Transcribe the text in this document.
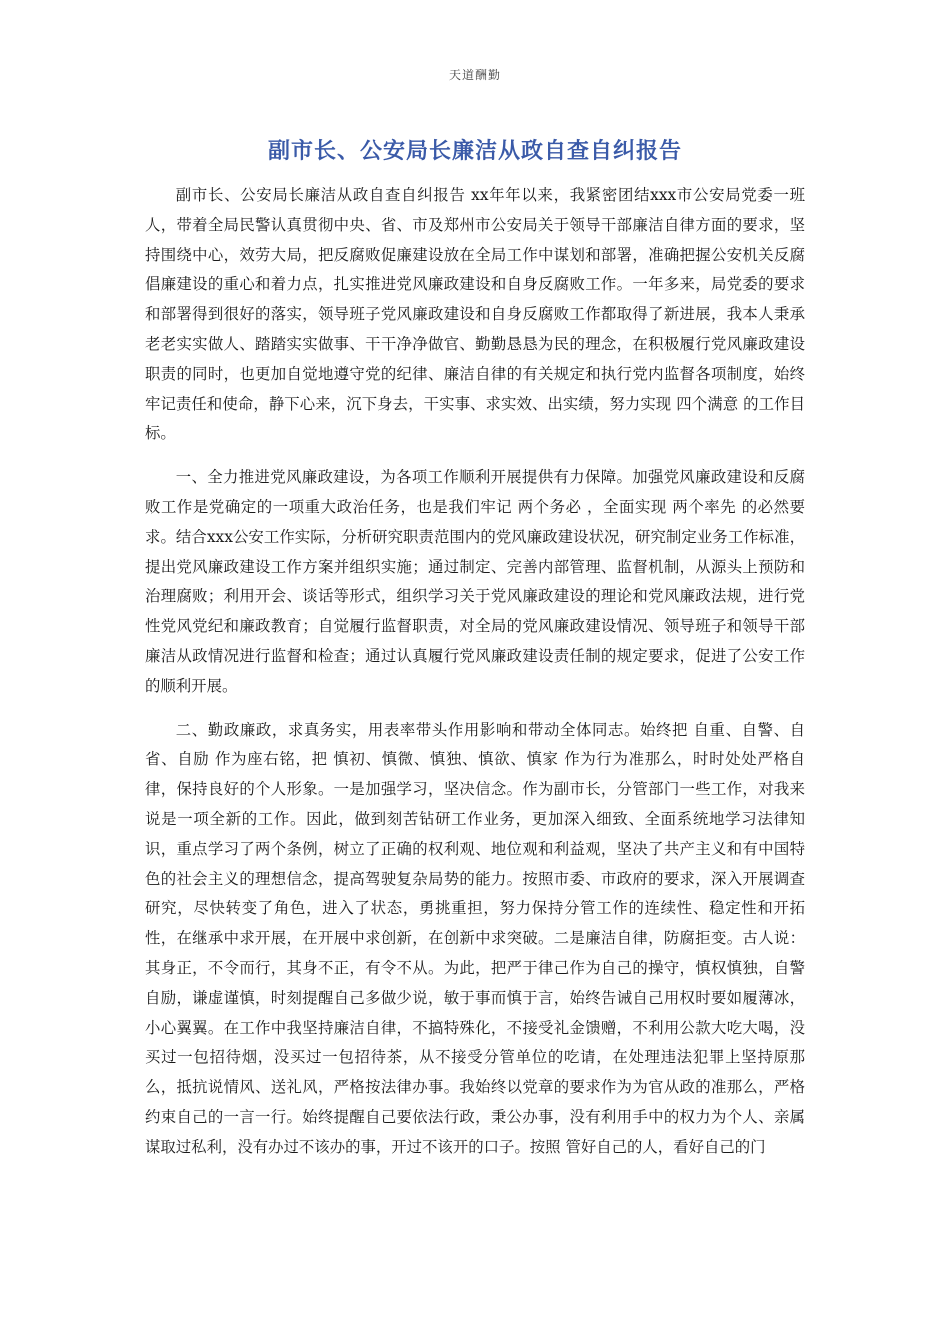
天道酬勤
副市长、公安局长廉洁从政自查自纠报告

副市长、公安局长廉洁从政自查自纠报告 xx年年以来，我紧密团结xxx市公安局党委一班人，带着全局民警认真贯彻中央、省、市及郑州市公安局关于领导干部廉洁自律方面的要求，坚持围绕中心，效劳大局，把反腐败促廉建设放在全局工作中谋划和部署，准确把握公安机关反腐倡廉建设的重心和着力点，扎实推进党风廉政建设和自身反腐败工作。一年多来，局党委的要求和部署得到很好的落实，领导班子党风廉政建设和自身反腐败工作都取得了新进展，我本人秉承老老实实做人、踏踏实实做事、干干净净做官、勤勤恳恳为民的理念，在积极履行党风廉政建设职责的同时，也更加自觉地遵守党的纪律、廉洁自律的有关规定和执行党内监督各项制度，始终牢记责任和使命，静下心来，沉下身去，干实事、求实效、出实绩，努力实现 四个满意 的工作目标。

一、全力推进党风廉政建设，为各项工作顺利开展提供有力保障。加强党风廉政建设和反腐败工作是党确定的一项重大政治任务，也是我们牢记 两个务必 ，全面实现 两个率先 的必然要求。结合xxx公安工作实际，分析研究职责范围内的党风廉政建设状况，研究制定业务工作标准，提出党风廉政建设工作方案并组织实施；通过制定、完善内部管理、监督机制，从源头上预防和治理腐败；利用开会、谈话等形式，组织学习关于党风廉政建设的理论和党风廉政法规，进行党性党风党纪和廉政教育；自觉履行监督职责，对全局的党风廉政建设情况、领导班子和领导干部廉洁从政情况进行监督和检查；通过认真履行党风廉政建设责任制的规定要求，促进了公安工作的顺利开展。

二、勤政廉政，求真务实，用表率带头作用影响和带动全体同志。始终把 自重、自警、自省、自励 作为座右铭，把 慎初、慎微、慎独、慎欲、慎家 作为行为准那么，时时处处严格自律，保持良好的个人形象。一是加强学习，坚决信念。作为副市长，分管部门一些工作，对我来说是一项全新的工作。因此，做到刻苦钻研工作业务，更加深入细致、全面系统地学习法律知识，重点学习了两个条例，树立了正确的权利观、地位观和利益观，坚决了共产主义和有中国特色的社会主义的理想信念，提高驾驶复杂局势的能力。按照市委、市政府的要求，深入开展调查研究，尽快转变了角色，进入了状态，勇挑重担，努力保持分管工作的连续性、稳定性和开拓性，在继承中求开展，在开展中求创新，在创新中求突破。二是廉洁自律，防腐拒变。古人说：其身正，不令而行，其身不正，有令不从。为此，把严于律己作为自己的操守，慎权慎独，自警自励，谦虚谨慎，时刻提醒自己多做少说，敏于事而慎于言，始终告诫自己用权时要如履薄冰，小心翼翼。在工作中我坚持廉洁自律，不搞特殊化，不接受礼金馈赠，不利用公款大吃大喝，没买过一包招待烟，没买过一包招待茶，从不接受分管单位的吃请，在处理违法犯罪上坚持原那么，抵抗说情风、送礼风，严格按法律办事。我始终以党章的要求作为为官从政的准那么，严格约束自己的一言一行。始终提醒自己要依法行政，秉公办事，没有利用手中的权力为个人、亲属谋取过私利，没有办过不该办的事，开过不该开的口子。按照 管好自己的人，看好自己的门
